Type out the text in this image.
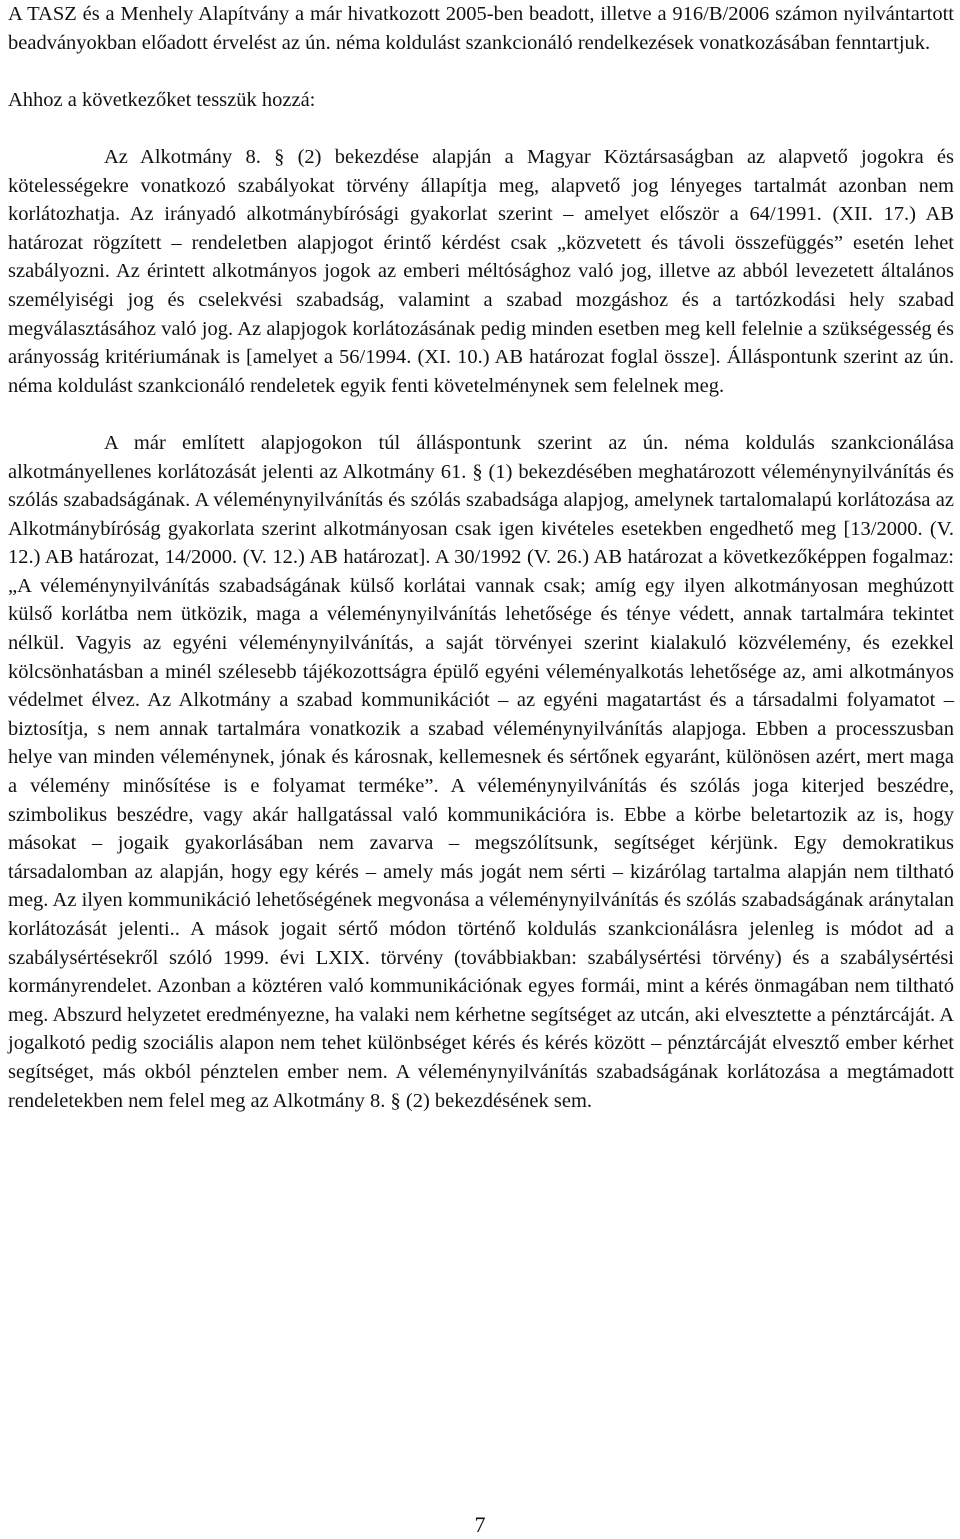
A TASZ és a Menhely Alapítvány a már hivatkozott 2005-ben beadott, illetve a 916/B/2006 számon nyilvántartott beadványokban előadott érvelést az ún. néma koldulást szankcionáló rendelkezések vonatkozásában fenntartjuk.

Ahhoz a következőket tesszük hozzá:

Az Alkotmány 8. § (2) bekezdése alapján a Magyar Köztársaságban az alapvető jogokra és kötelességekre vonatkozó szabályokat törvény állapítja meg, alapvető jog lényeges tartalmát azonban nem korlátozhatja. Az irányadó alkotmánybírósági gyakorlat szerint – amelyet először a 64/1991. (XII. 17.) AB határozat rögzített – rendeletben alapjogot érintő kérdést csak „közvetett és távoli összefüggés” esetén lehet szabályozni. Az érintett alkotmányos jogok az emberi méltósághoz való jog, illetve az abból levezetett általános személyiségi jog és cselekvési szabadság, valamint a szabad mozgáshoz és a tartózkodási hely szabad megválasztásához való jog. Az alapjogok korlátozásának pedig minden esetben meg kell felelnie a szükségesség és arányosság kritériumának is [amelyet a 56/1994. (XI. 10.) AB határozat foglal össze]. Álláspontunk szerint az ún. néma koldulást szankcionáló rendeletek egyik fenti követelménynek sem felelnek meg.

A már említett alapjogokon túl álláspontunk szerint az ún. néma koldulás szankcionálása alkotmányellenes korlátozását jelenti az Alkotmány 61. § (1) bekezdésében meghatározott véleménynyilvánítás és szólás szabadságának. A véleménynyilvánítás és szólás szabadsága alapjog, amelynek tartalomalapú korlátozása az Alkotmánybíróság gyakorlata szerint alkotmányosan csak igen kivételes esetekben engedhető meg [13/2000. (V. 12.) AB határozat, 14/2000. (V. 12.) AB határozat]. A 30/1992 (V. 26.) AB határozat a következőképpen fogalmaz: „A véleménynyilvánítás szabadságának külső korlátai vannak csak; amíg egy ilyen alkotmányosan meghúzott külső korlátba nem ütközik, maga a véleménynyilvánítás lehetősége és ténye védett, annak tartalmára tekintet nélkül. Vagyis az egyéni véleménynyilvánítás, a saját törvényei szerint kialakuló közvélemény, és ezekkel kölcsönhatásban a minél szélesebb tájékozottságra épülő egyéni véleményalkotás lehetősége az, ami alkotmányos védelmet élvez. Az Alkotmány a szabad kommunikációt – az egyéni magatartást és a társadalmi folyamatot – biztosítja, s nem annak tartalmára vonatkozik a szabad véleménynyilvánítás alapjoga. Ebben a processzusban helye van minden véleménynek, jónak és károsnak, kellemesnek és sértőnek egyaránt, különösen azért, mert maga a vélemény minősítése is e folyamat terméke”. A véleménynyilvánítás és szólás joga kiterjed beszédre, szimbolikus beszédre, vagy akár hallgatással való kommunikációra is. Ebbe a körbe beletartozik az is, hogy másokat – jogaik gyakorlásában nem zavarva – megszólítsunk, segítséget kérjünk. Egy demokratikus társadalomban az alapján, hogy egy kérés – amely más jogát nem sérti – kizárólag tartalma alapján nem tiltható meg. Az ilyen kommunikáció lehetőségének megvonása a véleménynyilvánítás és szólás szabadságának aránytalan korlátozását jelenti.. A mások jogait sértő módon történő koldulás szankcionálásra jelenleg is módot ad a szabálysértésekről szóló 1999. évi LXIX. törvény (továbbiakban: szabálysértési törvény) és a szabálysértési kormányrendelet. Azonban a köztéren való kommunikációnak egyes formái, mint a kérés önmagában nem tiltható meg. Abszurd helyzetet eredményezne, ha valaki nem kérhetne segítséget az utcán, aki elvesztette a pénztárcáját. A jogalkotó pedig szociális alapon nem tehet különbséget kérés és kérés között – pénztárcáját elvesztő ember kérhet segítséget, más okból pénztelen ember nem. A véleménynyilvánítás szabadságának korlátozása a megtámadott rendeletekben nem felel meg az Alkotmány 8. § (2) bekezdésének sem.

7
